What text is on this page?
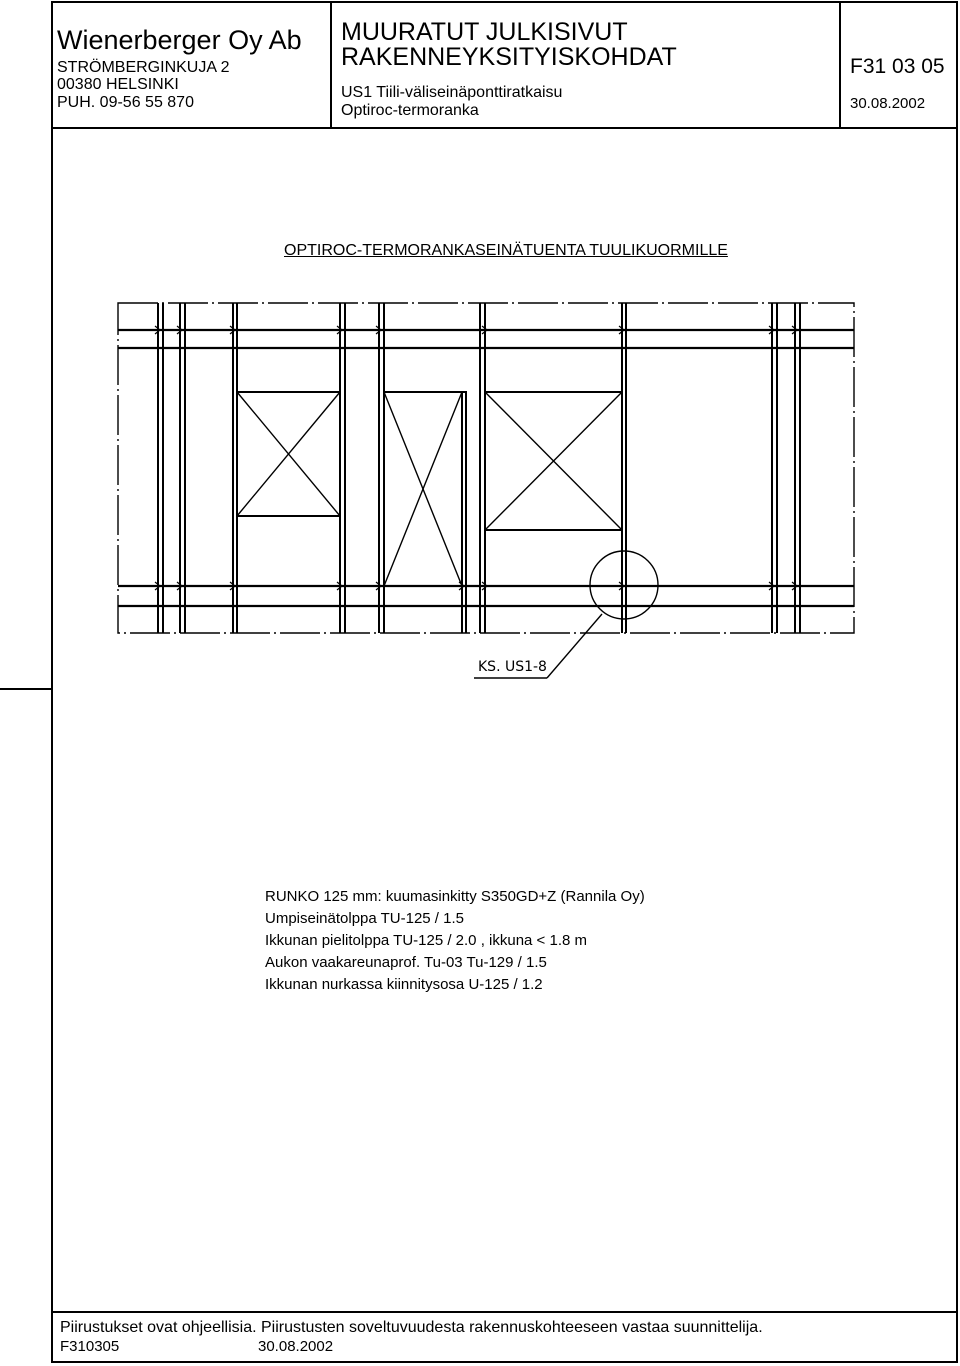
Wienerberger Oy Ab
STRÖMBERGINKUJA 2
00380 HELSINKI
PUH. 09-56 55 870
MUURATUT JULKISIVUT
RAKENNEYKSITYISKOHDAT
US1 Tiili-väliseinäponttiratkaisu
Optiroc-termoranka
F31 03 05
30.08.2002
OPTIROC-TERMORANKASEINÄTUENTA TUULIKUORMILLE
KS. US1-8
RUNKO 125 mm: kuumasinkitty S350GD+Z (Rannila Oy)
Umpiseinätolppa TU-125 / 1.5
Ikkunan pielitolppa TU-125 / 2.0 , ikkuna < 1.8 m
Aukon vaakareunaprof. Tu-03 Tu-129 / 1.5
Ikkunan nurkassa kiinnitysosa U-125 / 1.2
Piirustukset ovat ohjeellisia. Piirustusten soveltuvuudesta rakennuskohteeseen vastaa suunnittelija.
F310305	30.08.2002
